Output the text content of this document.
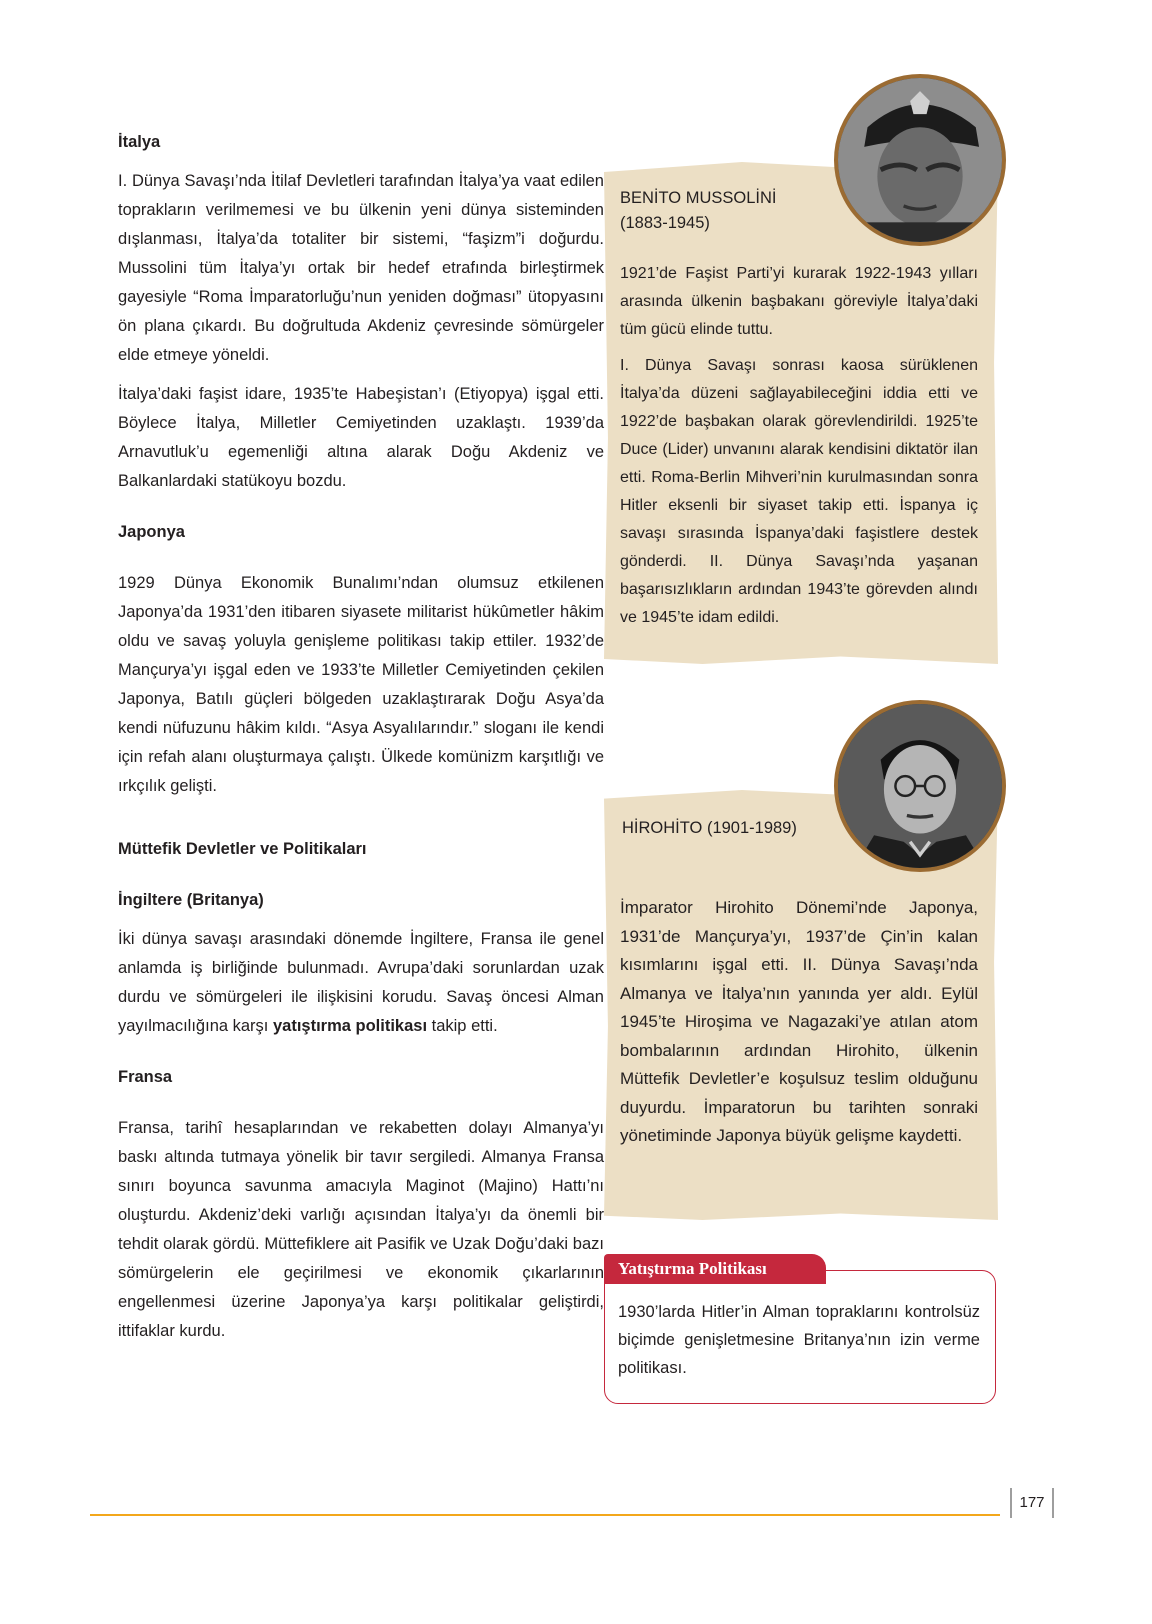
İtalya

I. Dünya Savaşı’nda İtilaf Devletleri tarafından İtalya’ya vaat edilen toprakların verilmemesi ve bu ülkenin yeni dünya sisteminden dışlanması, İtalya’da totaliter bir sistemi, “faşizm”i doğurdu. Mussolini tüm İtalya’yı ortak bir hedef etrafında birleştirmek gayesiyle “Roma İmparatorluğu’nun yeniden doğması” ütopyasını ön plana çıkardı. Bu doğrultuda Akdeniz çevresinde sömürgeler elde etmeye yöneldi.

İtalya’daki faşist idare, 1935’te Habeşistan’ı (Etiyopya) işgal etti. Böylece İtalya, Milletler Cemiyetinden uzaklaştı. 1939’da Arnavutluk’u egemenliği altına alarak Doğu Akdeniz ve Balkanlardaki statükoyu bozdu.

Japonya

1929 Dünya Ekonomik Bunalımı’ndan olumsuz etkilenen Japonya’da 1931’den itibaren siyasete militarist hükûmetler hâkim oldu ve savaş yoluyla genişleme politikası takip ettiler. 1932’de Mançurya’yı işgal eden ve 1933’te Milletler Cemiyetinden çekilen Japonya, Batılı güçleri bölgeden uzaklaştırarak Doğu Asya’da kendi nüfuzunu hâkim kıldı. “Asya Asyalılarındır.” sloganı ile kendi için refah alanı oluşturmaya çalıştı. Ülkede komünizm karşıtlığı ve ırkçılık gelişti.

Müttefik Devletler ve Politikaları
İngiltere (Britanya)

İki dünya savaşı arasındaki dönemde İngiltere, Fransa ile genel anlamda iş birliğinde bulunmadı. Avrupa’daki sorunlardan uzak durdu ve sömürgeleri ile ilişkisini korudu. Savaş öncesi Alman yayılmacılığına karşı yatıştırma politikası takip etti.

Fransa

Fransa, tarihî hesaplarından ve rekabetten dolayı Almanya’yı baskı altında tutmaya yönelik bir tavır sergiledi. Almanya Fransa sınırı boyunca savunma amacıyla Maginot (Majino) Hattı’nı oluşturdu. Akdeniz’deki varlığı açısından İtalya’yı da önemli bir tehdit olarak gördü. Müttefiklere ait Pasifik ve Uzak Doğu’daki bazı sömürgelerin ele geçirilmesi ve ekonomik çıkarlarının engellenmesi üzerine Japonya’ya karşı politikalar geliştirdi, ittifaklar kurdu.

BENİTO MUSSOLİNİ
(1883-1945)

1921’de Faşist Parti’yi kurarak 1922-1943 yılları arasında ülkenin başbakanı göreviyle İtalya’daki tüm gücü elinde tuttu.

I. Dünya Savaşı sonrası kaosa sürüklenen İtalya’da düzeni sağlayabileceğini iddia etti ve 1922’de başbakan olarak görevlendirildi. 1925’te Duce (Lider) unvanını alarak kendisini diktatör ilan etti. Roma-Berlin Mihveri’nin kurulmasından sonra Hitler eksenli bir siyaset takip etti. İspanya iç savaşı sırasında İspanya’daki faşistlere destek gönderdi. II. Dünya Savaşı’nda yaşanan başarısızlıkların ardından 1943’te görevden alındı ve 1945’te idam edildi.

HİROHİTO (1901-1989)

İmparator Hirohito Dönemi’nde Japonya, 1931’de Mançurya’yı, 1937’de Çin’in kalan kısımlarını işgal etti. II. Dünya Savaşı’nda Almanya ve İtalya’nın yanında yer aldı. Eylül 1945’te Hiroşima ve Nagazaki’ye atılan atom bombalarının ardından Hirohito, ülkenin Müttefik Devletler’e koşulsuz teslim olduğunu duyurdu. İmparatorun bu tarihten sonraki yönetiminde Japonya büyük gelişme kaydetti.

Yatıştırma Politikası
1930’larda Hitler’in Alman topraklarını kontrolsüz biçimde genişletmesine Britanya’nın izin verme politikası.
177
